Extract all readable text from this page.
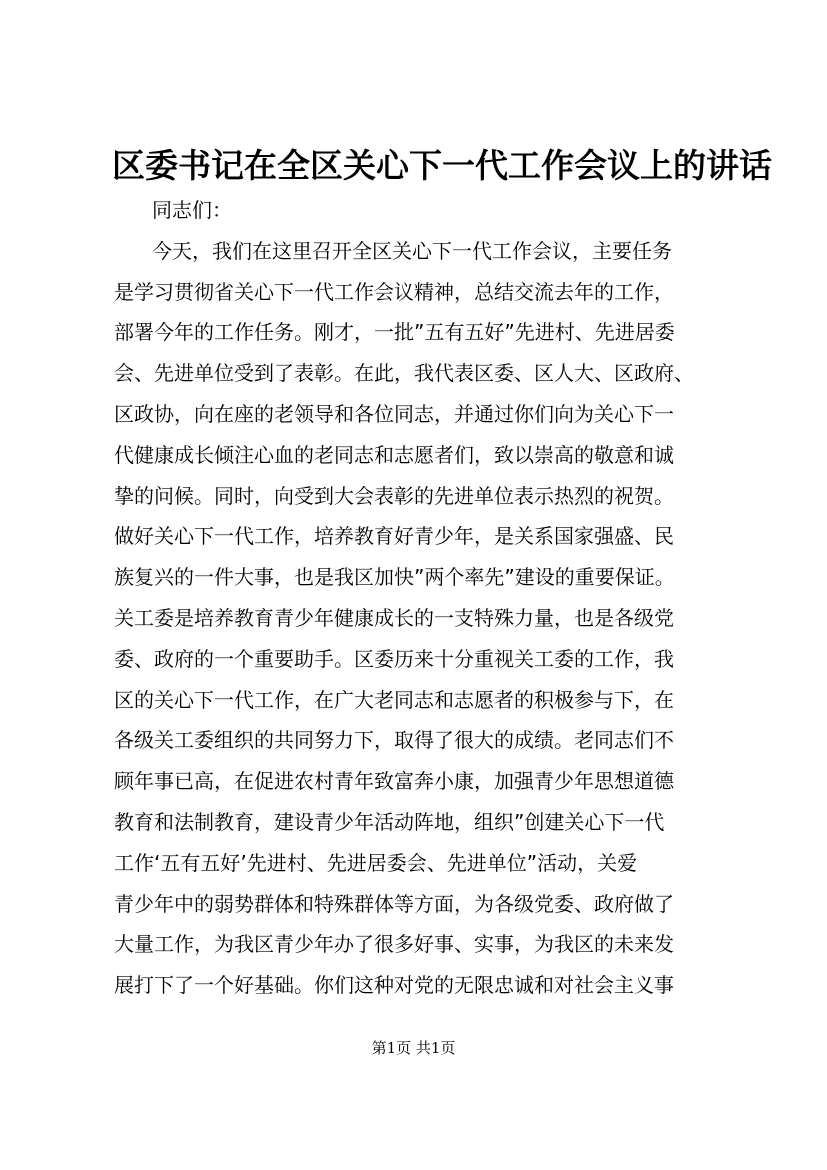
区委书记在全区关心下一代工作会议上的讲话
同志们：
今天，我们在这里召开全区关心下一代工作会议，主要任务
是学习贯彻省关心下一代工作会议精神，总结交流去年的工作，
部署今年的工作任务。刚才，一批”五有五好”先进村、先进居委
会、先进单位受到了表彰。在此，我代表区委、区人大、区政府、
区政协，向在座的老领导和各位同志，并通过你们向为关心下一
代健康成长倾注心血的老同志和志愿者们，致以崇高的敬意和诚
挚的问候。同时，向受到大会表彰的先进单位表示热烈的祝贺。
做好关心下一代工作，培养教育好青少年，是关系国家强盛、民
族复兴的一件大事，也是我区加快”两个率先”建设的重要保证。
关工委是培养教育青少年健康成长的一支特殊力量，也是各级党
委、政府的一个重要助手。区委历来十分重视关工委的工作，我
区的关心下一代工作，在广大老同志和志愿者的积极参与下，在
各级关工委组织的共同努力下，取得了很大的成绩。老同志们不
顾年事已高，在促进农村青年致富奔小康，加强青少年思想道德
教育和法制教育，建设青少年活动阵地，组织”创建关心下一代
工作‘五有五好’先进村、先进居委会、先进单位”活动，关爱
青少年中的弱势群体和特殊群体等方面，为各级党委、政府做了
大量工作，为我区青少年办了很多好事、实事，为我区的未来发
展打下了一个好基础。你们这种对党的无限忠诚和对社会主义事
第1页 共1页
